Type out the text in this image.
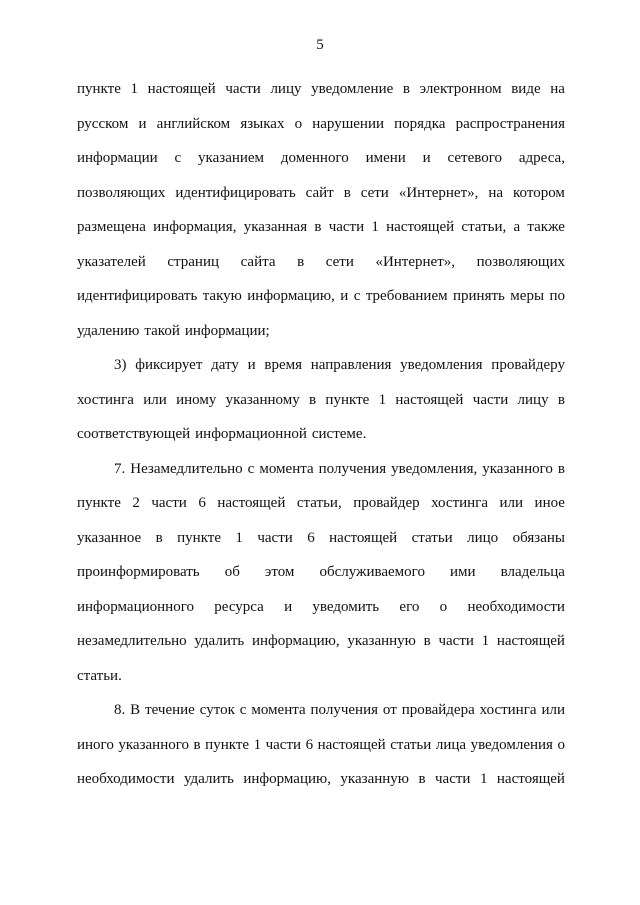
5
пункте 1 настоящей части лицу уведомление в электронном виде на
русском и английском языках о нарушении порядка распространения
информации с указанием доменного имени и сетевого адреса,
позволяющих идентифицировать сайт в сети «Интернет», на котором
размещена информация, указанная в части 1 настоящей статьи, а также
указателей страниц сайта в сети «Интернет», позволяющих
идентифицировать такую информацию, и с требованием принять меры по
удалению такой информации;
3) фиксирует дату и время направления уведомления провайдеру
хостинга или иному указанному в пункте 1 настоящей части лицу в
соответствующей информационной системе.
7. Незамедлительно с момента получения уведомления, указанного в
пункте 2 части 6 настоящей статьи, провайдер хостинга или иное
указанное в пункте 1 части 6 настоящей статьи лицо обязаны
проинформировать об этом обслуживаемого ими владельца
информационного ресурса и уведомить его о необходимости
незамедлительно удалить информацию, указанную в части 1 настоящей
статьи.
8. В течение суток с момента получения от провайдера хостинга или
иного указанного в пункте 1 части 6 настоящей статьи лица уведомления о
необходимости удалить информацию, указанную в части 1 настоящей
